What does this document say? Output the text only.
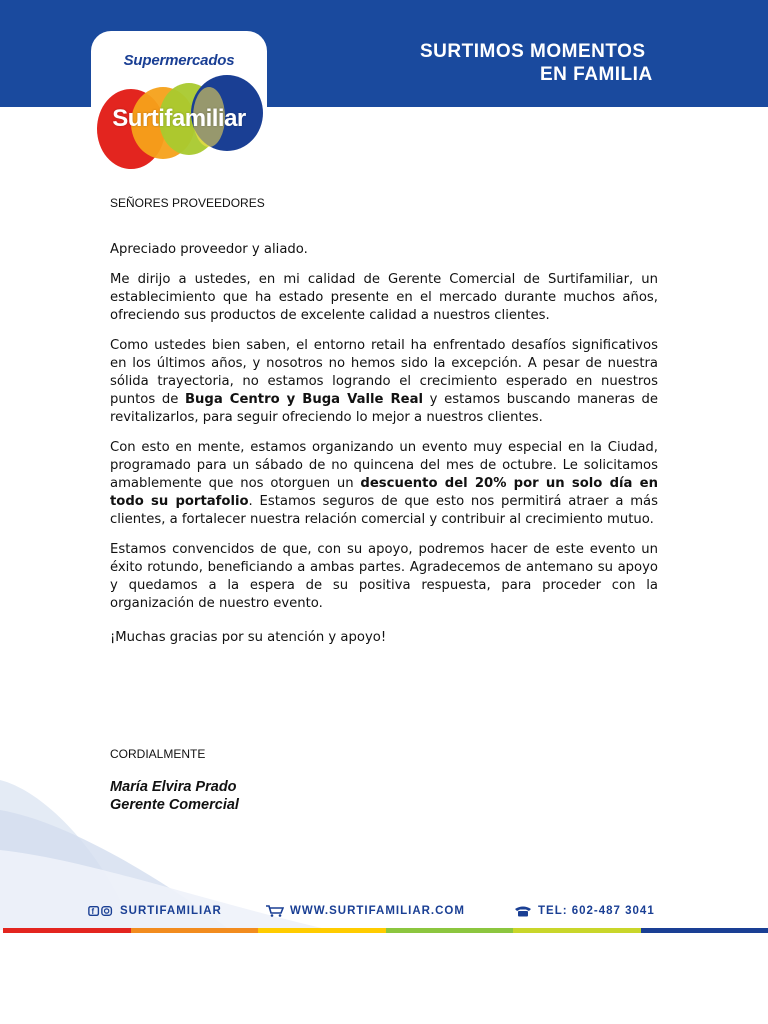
SURTIMOS MOMENTOS
EN FAMILIA
Supermercados
Surtifamiliar
SEÑORES PROVEEDORES

Apreciado proveedor y aliado.

Me dirijo a ustedes, en mi calidad de Gerente Comercial de Surtifamiliar, un establecimiento que ha estado presente en el mercado durante muchos años, ofreciendo sus productos de excelente calidad a nuestros clientes.

Como ustedes bien saben, el entorno retail ha enfrentado desafíos significativos en los últimos años, y nosotros no hemos sido la excepción. A pesar de nuestra sólida trayectoria, no estamos logrando el crecimiento esperado en nuestros puntos de Buga Centro y Buga Valle Real y estamos buscando maneras de revitalizarlos, para seguir ofreciendo lo mejor a nuestros clientes.

Con esto en mente, estamos organizando un evento muy especial en la Ciudad, programado para un sábado de no quincena del mes de octubre. Le solicitamos amablemente que nos otorguen un descuento del 20% por un solo día en todo su portafolio. Estamos seguros de que esto nos permitirá atraer a más clientes, a fortalecer nuestra relación comercial y contribuir al crecimiento mutuo.

Estamos convencidos de que, con su apoyo, podremos hacer de este evento un éxito rotundo, beneficiando a ambas partes. Agradecemos de antemano su apoyo y quedamos a la espera de su positiva respuesta, para proceder con la organización de nuestro evento.

¡Muchas gracias por su atención y apoyo!

CORDIALMENTE
María Elvira Prado
Gerente Comercial
f SURTIFAMILIAR	WWW.SURTIFAMILIAR.COM	TEL: 602-487 3041
